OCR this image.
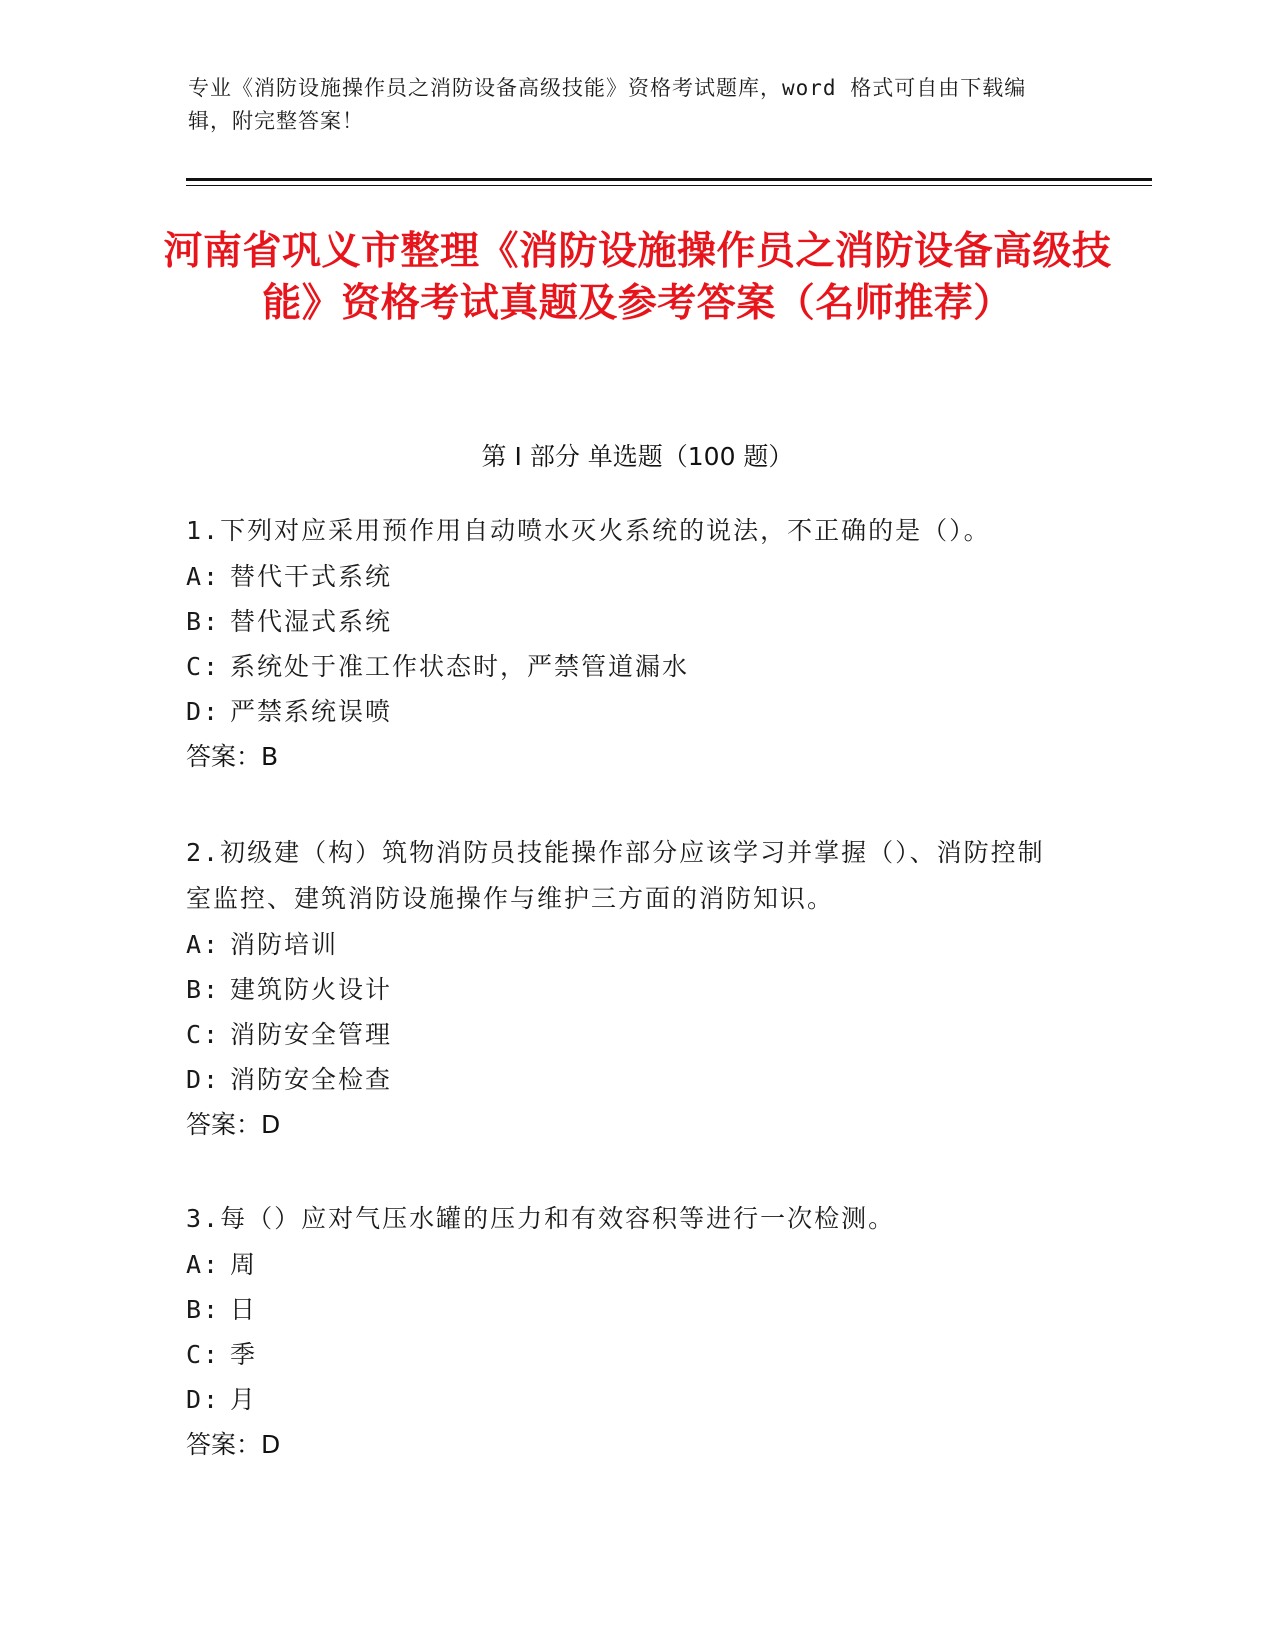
专业《消防设施操作员之消防设备高级技能》资格考试题库，word 格式可自由下载编辑，附完整答案！
河南省巩义市整理《消防设施操作员之消防设备高级技能》资格考试真题及参考答案（名师推荐）
第 I 部分 单选题（100 题）

1.下列对应采用预作用自动喷水灭火系统的说法，不正确的是（）。

A: 替代干式系统

B: 替代湿式系统

C: 系统处于准工作状态时，严禁管道漏水

D: 严禁系统误喷

答案：B

2.初级建（构）筑物消防员技能操作部分应该学习并掌握（）、消防控制室监控、建筑消防设施操作与维护三方面的消防知识。

A: 消防培训

B: 建筑防火设计

C: 消防安全管理

D: 消防安全检查

答案：D

3.每（）应对气压水罐的压力和有效容积等进行一次检测。

A: 周

B: 日

C: 季

D: 月

答案：D
